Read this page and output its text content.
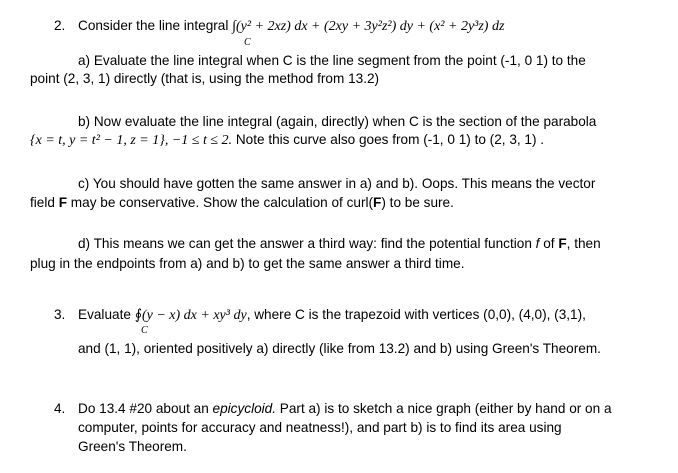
2. Consider the line integral ∫(y² + 2xz) dx + (2xy + 3y²z²) dy + (x² + 2y³z) dz
C
a) Evaluate the line integral when C is the line segment from the point (-1, 0 1) to the
point (2, 3, 1) directly (that is, using the method from 13.2)
b) Now evaluate the line integral (again, directly) when C is the section of the parabola
{x = t, y = t² − 1, z = 1}, −1 ≤ t ≤ 2. Note this curve also goes from (-1, 0 1) to (2, 3, 1) .
c) You should have gotten the same answer in a) and b). Oops. This means the vector
field F may be conservative. Show the calculation of curl(F) to be sure.
d) This means we can get the answer a third way: find the potential function f of F, then
plug in the endpoints from a) and b) to get the same answer a third time.
3. Evaluate ∮(y − x) dx + xy³ dy, where C is the trapezoid with vertices (0,0), (4,0), (3,1),
C
and (1, 1), oriented positively a) directly (like from 13.2) and b) using Green's Theorem.
4. Do 13.4 #20 about an epicycloid. Part a) is to sketch a nice graph (either by hand or on a
computer, points for accuracy and neatness!), and part b) is to find its area using
Green's Theorem.
